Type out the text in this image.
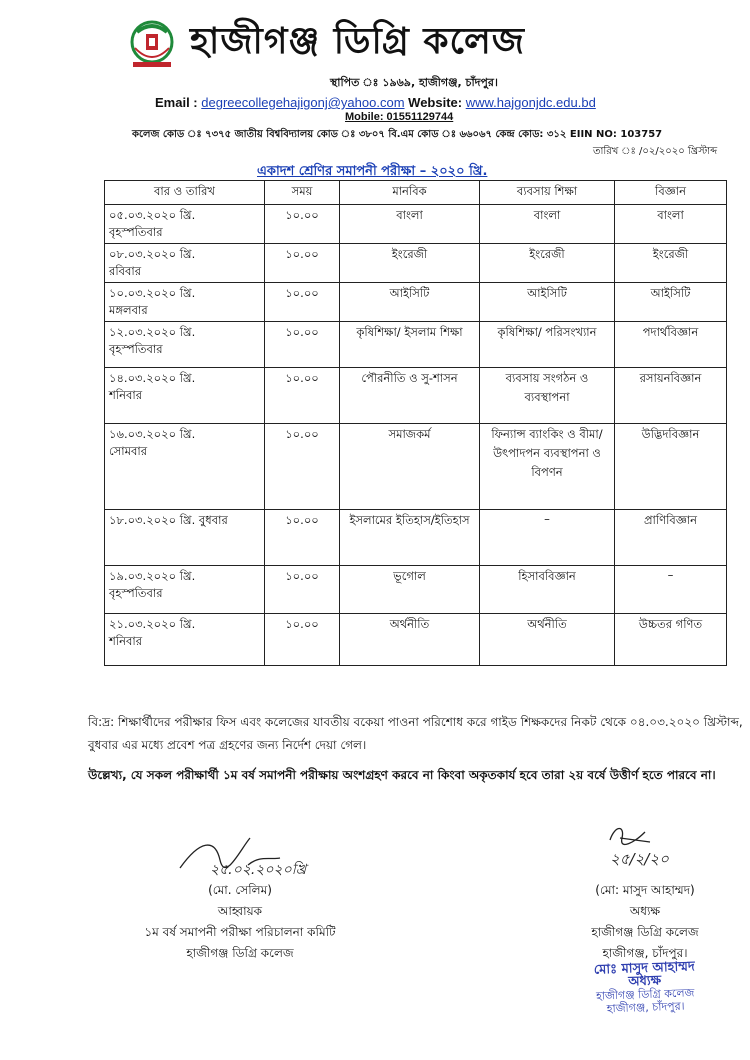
হাজীগঞ্জ ডিগ্রি কলেজ
স্থাপিত ঃ ১৯৬৯, হাজীগঞ্জ, চাঁদপুর।
Email : degreecollegehajigonj@yahoo.com Website: www.hajgonjdc.edu.bd
Mobile: 01551129744
কলেজ কোড ঃ ৭৩৭৫ জাতীয় বিশ্ববিদ্যালয় কোড ঃ ৩৮০৭ বি.এম কোড ঃ ৬৬০৬৭ কেন্দ্র কোড: ৩১২ EIIN NO: 103757
তারিখ ঃ /০২/২০২০ খ্রিস্টাব্দ
একাদশ শ্রেণির সমাপনী পরীক্ষা – ২০২০ খ্রি.
বার ও তারিখ	সময়	মানবিক	ব্যবসায় শিক্ষা	বিজ্ঞান

০৫.০৩.২০২০ খ্রি.
বৃহস্পতিবার	১০.০০	বাংলা	বাংলা	বাংলা

০৮.০৩.২০২০ খ্রি.
রবিবার	১০.০০	ইংরেজী	ইংরেজী	ইংরেজী

১০.০৩.২০২০ খ্রি.
মঙ্গলবার	১০.০০	আইসিটি	আইসিটি	আইসিটি

১২.০৩.২০২০ খ্রি.
বৃহস্পতিবার	১০.০০	কৃষিশিক্ষা/ ইসলাম শিক্ষা	কৃষিশিক্ষা/ পরিসংখ্যান	পদার্থবিজ্ঞান

১৪.০৩.২০২০ খ্রি.
শনিবার	১০.০০	পৌরনীতি ও সু-শাসন	ব্যবসায় সংগঠন ও ব্যবস্থাপনা	রসায়নবিজ্ঞান

১৬.০৩.২০২০ খ্রি.
সোমবার	১০.০০	সমাজকর্ম	ফিন্যান্স ব্যাংকিং ও বীমা/উৎপাদপন ব্যবস্থাপনা ও বিপণন	উদ্ভিদবিজ্ঞান

১৮.০৩.২০২০ খ্রি. বুধবার	১০.০০	ইসলামের ইতিহাস/ইতিহাস	–	প্রাণিবিজ্ঞান

১৯.০৩.২০২০ খ্রি.
বৃহস্পতিবার	১০.০০	ভূগোল	হিসাববিজ্ঞান	–

২১.০৩.২০২০ খ্রি.
শনিবার	১০.০০	অর্থনীতি	অর্থনীতি	উচ্চতর গণিত
বি:দ্র: শিক্ষার্থীদের পরীক্ষার ফিস এবং কলেজের যাবতীয় বকেয়া পাওনা পরিশোধ করে গাইড শিক্ষকদের নিকট থেকে ০৪.০৩.২০২০ খ্রিস্টাব্দ, বুধবার এর মধ্যে প্রবেশ পত্র গ্রহণের জন্য নির্দেশ দেয়া গেল।
উল্লেখ্য, যে সকল পরীক্ষার্থী ১ম বর্ষ সমাপনী পরীক্ষায় অংশগ্রহণ করবে না কিংবা অকৃতকার্য হবে তারা ২য় বর্ষে উত্তীর্ণ হতে পারবে না।
২৫.০২.২০২০খ্রি
২৫/২/২০
(মো. সেলিম)
আহ্বায়ক
১ম বর্ষ সমাপনী পরীক্ষা পরিচালনা কমিটি
হাজীগঞ্জ ডিগ্রি কলেজ
(মো: মাসুদ আহাম্মদ)
অধ্যক্ষ
হাজীগঞ্জ ডিগ্রি কলেজ
হাজীগঞ্জ, চাঁদপুর।
মোঃ মাসুদ আহাম্মদ
অধ্যক্ষ
হাজীগঞ্জ ডিগ্রি কলেজ
হাজীগঞ্জ, চাঁদপুর।
